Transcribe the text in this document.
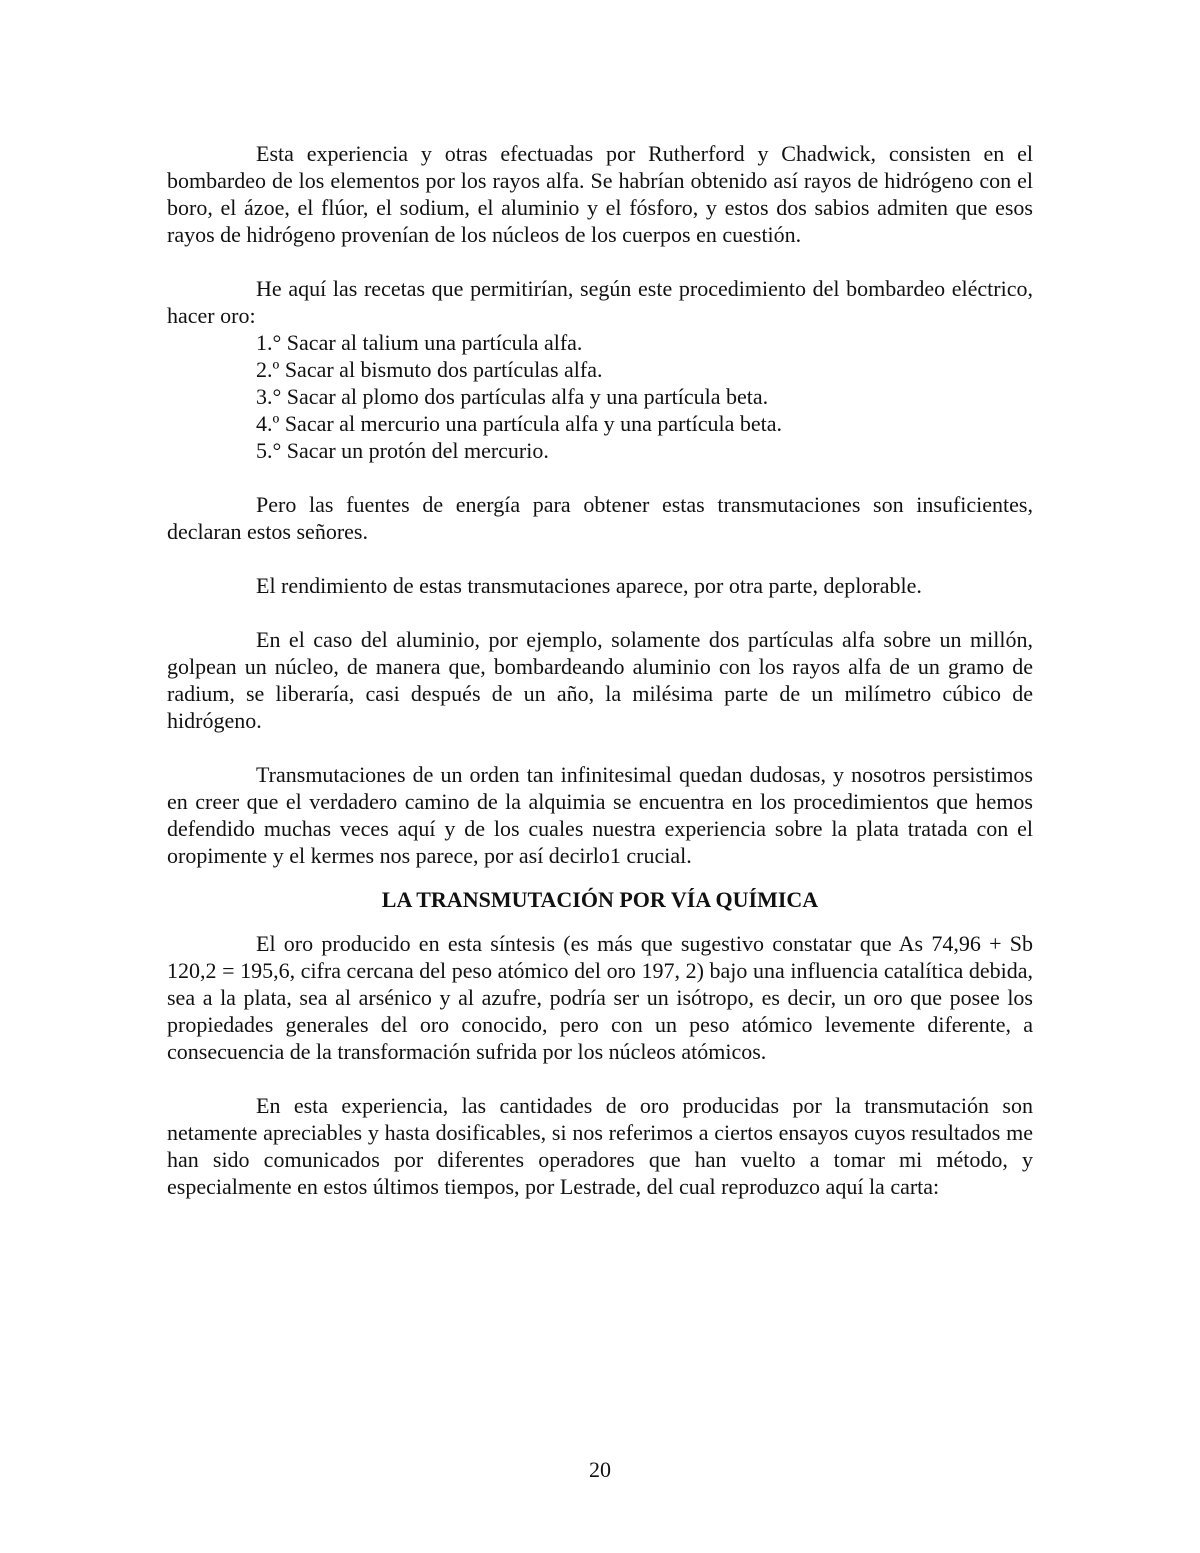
Esta experiencia y otras efectuadas por Rutherford y Chadwick, consisten en el bombardeo de los elementos por los rayos alfa. Se habrían obtenido así rayos de hidrógeno con el boro, el ázoe, el flúor, el sodium, el aluminio y el fósforo, y estos dos sabios admiten que esos rayos de hidrógeno provenían de los núcleos de los cuerpos en cuestión.

He aquí las recetas que permitirían, según este procedimiento del bombardeo eléctrico, hacer oro:

1.° Sacar al talium una partícula alfa.

2.º Sacar al bismuto dos partículas alfa.

3.° Sacar al plomo dos partículas alfa y una partícula beta.

4.º Sacar al mercurio una partícula alfa y una partícula beta.

5.° Sacar un protón del mercurio.

Pero las fuentes de energía para obtener estas transmutaciones son insuficientes, declaran estos señores.

El rendimiento de estas transmutaciones aparece, por otra parte, deplorable.

En el caso del aluminio, por ejemplo, solamente dos partículas alfa sobre un millón, golpean un núcleo, de manera que, bombardeando aluminio con los rayos alfa de un gramo de radium, se liberaría, casi después de un año, la milésima parte de un milímetro cúbico de hidrógeno.

Transmutaciones de un orden tan infinitesimal quedan dudosas, y nosotros persistimos en creer que el verdadero camino de la alquimia se encuentra en los procedimientos que hemos defendido muchas veces aquí y de los cuales nuestra experiencia sobre la plata tratada con el oropimente y el kermes nos parece, por así decirlo1 crucial.

LA TRANSMUTACIÓN POR VÍA QUÍMICA

El oro producido en esta síntesis (es más que sugestivo constatar que As 74,96 + Sb 120,2 = 195,6, cifra cercana del peso atómico del oro 197, 2) bajo una influencia catalítica debida, sea a la plata, sea al arsénico y al azufre, podría ser un isótropo, es decir, un oro que posee los propiedades generales del oro conocido, pero con un peso atómico levemente diferente, a consecuencia de la transformación sufrida por los núcleos atómicos.

En esta experiencia, las cantidades de oro producidas por la transmutación son netamente apreciables y hasta dosificables, si nos referimos a ciertos ensayos cuyos resultados me han sido comunicados por diferentes operadores que han vuelto a tomar mi método, y especialmente en estos últimos tiempos, por Lestrade, del cual reproduzco aquí la carta:

20
